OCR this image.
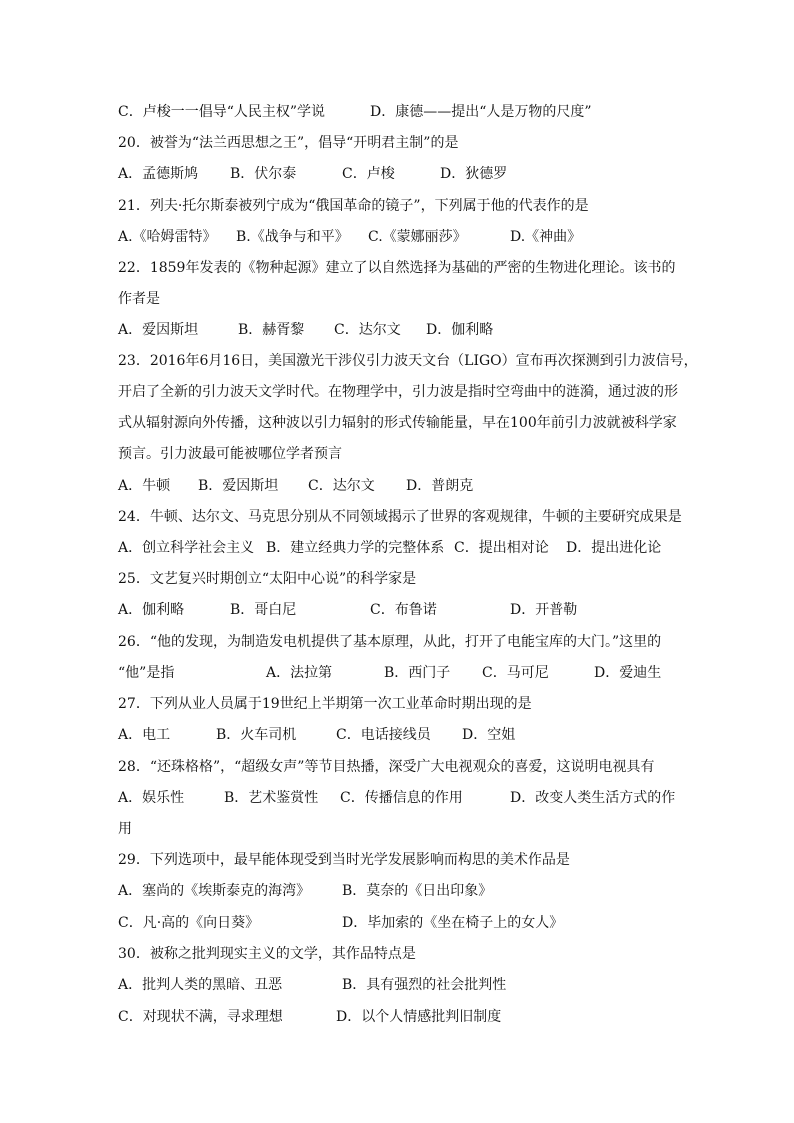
C．卢梭一一倡导“人民主权”学说	D．康德——提出“人是万物的尺度”
20．被誉为“法兰西思想之王”，倡导“开明君主制”的是
A．孟德斯鸠 B．伏尔泰	C．卢梭	D．狄德罗
21．列夫·托尔斯泰被列宁成为“俄国革命的镜子”，下列属于他的代表作的是
A.《哈姆雷特》 B.《战争与和平》 C.《蒙娜丽莎》	D.《神曲》
22．1859年发表的《物种起源》建立了以自然选择为基础的严密的生物进化理论。该书的
作者是
A．爱因斯坦	B．赫胥黎 C．达尔文 D．伽利略
23．2016年6月16日，美国激光干涉仪引力波天文台（LIGO）宣布再次探测到引力波信号，
开启了全新的引力波天文学时代。在物理学中，引力波是指时空弯曲中的涟漪，通过波的形
式从辐射源向外传播，这种波以引力辐射的形式传输能量，早在100年前引力波就被科学家
预言。引力波最可能被哪位学者预言
A．牛顿 B．爱因斯坦 C．达尔文 D．普朗克
24．牛顿、达尔文、马克思分别从不同领域揭示了世界的客观规律，牛顿的主要研究成果是
A．创立科学社会主义 B．建立经典力学的完整体系 C．提出相对论 D．提出进化论
25．文艺复兴时期创立“太阳中心说”的科学家是
A．伽利略	B．哥白尼	C．布鲁诺	D．开普勒
26．“他的发现，为制造发电机提供了基本原理，从此，打开了电能宝库的大门。”这里的
“他”是指	A．法拉第	B．西门子 C．马可尼	D．爱迪生
27．下列从业人员属于19世纪上半期第一次工业革命时期出现的是
A．电工	B．火车司机	C．电话接线员 D．空姐
28．“还珠格格”，“超级女声”等节目热播，深受广大电视观众的喜爱，这说明电视具有
A．娱乐性	B．艺术鉴赏性 C．传播信息的作用	D．改变人类生活方式的作
用
29．下列选项中，最早能体现受到当时光学发展影响而构思的美术作品是
A．塞尚的《埃斯泰克的海湾》 B．莫奈的《日出印象》
C．凡·高的《向日葵》	D．毕加索的《坐在椅子上的女人》
30．被称之批判现实主义的文学，其作品特点是
A．批判人类的黑暗、丑恶	B．具有强烈的社会批判性
C．对现状不满，寻求理想	D．以个人情感批判旧制度
